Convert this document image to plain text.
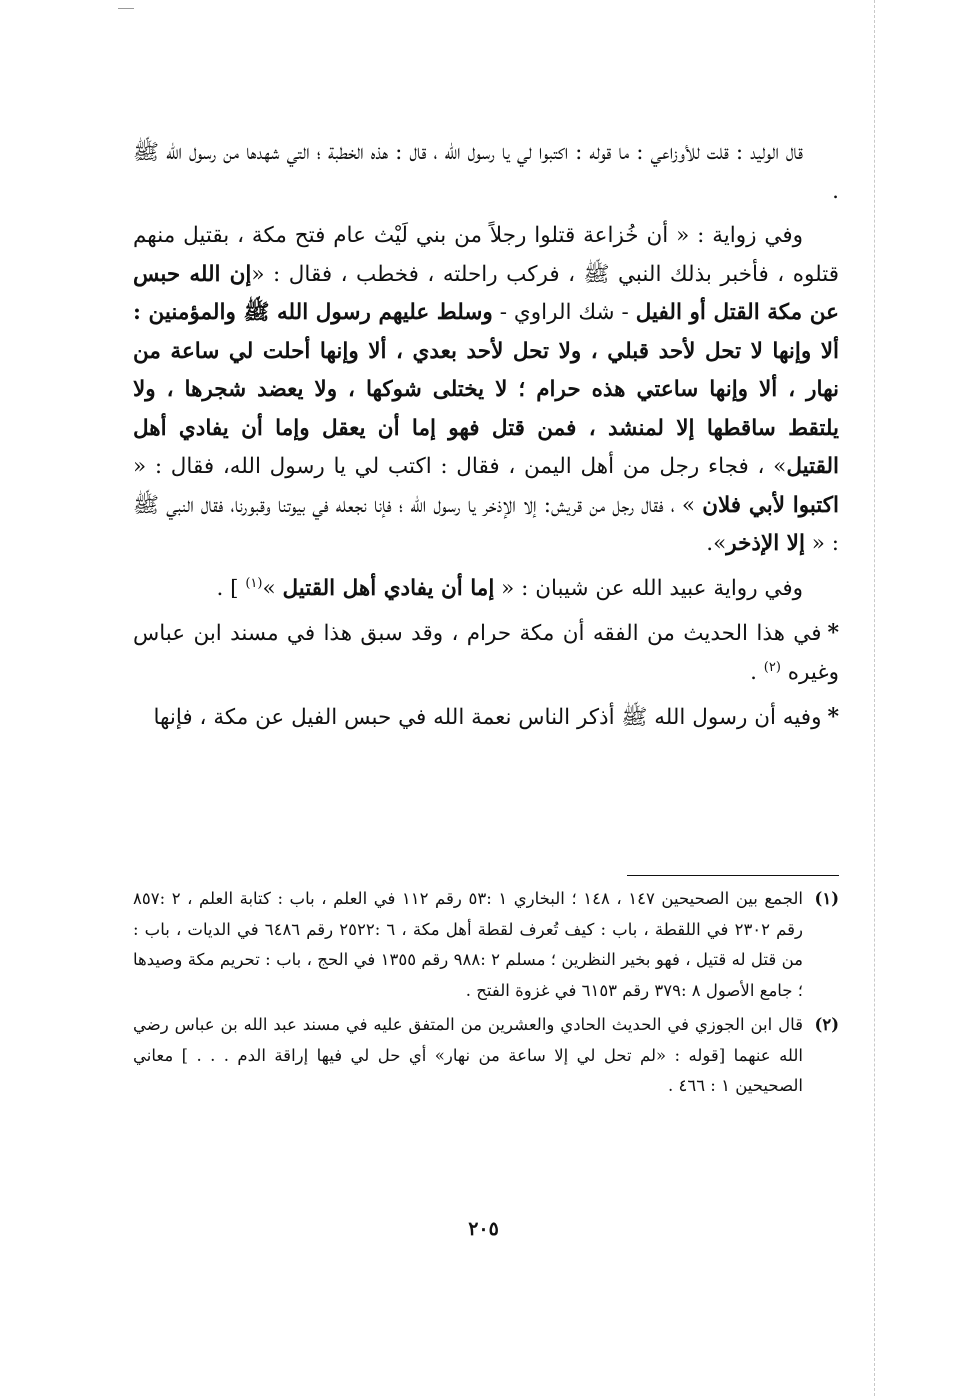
قال الوليد : قلت للأوزاعي : ما قوله : اكتبوا لي يا رسول الله ، قال : هذه الخطبة ؛ التي شهدها من رسول الله ﷺ .

وفي زواية : « أن خُزاعة قتلوا رجلاً من بني لَيْث عام فتح مكة ، بقتيل منهم قتلوه ، فأخبر بذلك النبي ﷺ ، فركب راحلته ، فخطب ، فقال : «إن الله حبس عن مكة القتل أو الفيل - شك الراوي - وسلط عليهم رسول الله ﷺ والمؤمنين : ألا وإنها لا تحل لأحد قبلي ، ولا تحل لأحد بعدي ، ألا وإنها أحلت لي ساعة من نهار ، ألا وإنها ساعتي هذه حرام ؛ لا يختلى شوكها ، ولا يعضد شجرها ، ولا يلتقط ساقطها إلا لمنشد ، فمن قتل فهو إما أن يعقل وإما أن يفادي أهل القتيل» ، فجاء رجل من أهل اليمن ، فقال : اكتب لي يا رسول الله، فقال : « اكتبوا لأبي فلان » ، فقال رجل من قريش: إلا الإذخر يا رسول الله ؛ فإنا نجعله في بيوتنا وقبورنا، فقال النبي ﷺ : « إلا الإذخر».

وفي رواية عبيد الله عن شيبان : « إما أن يفادي أهل القتيل »$^{(١)}$ ] .

*في هذا الحديث من الفقه أن مكة حرام ، وقد سبق هذا في مسند ابن عباس وغيره $^{(٢)}$ .

*وفيه أن رسول الله ﷺ أذكر الناس نعمة الله في حبس الفيل عن مكة ، فإنها

(١)
الجمع بين الصحيحين ١٤٧ ، ١٤٨ ؛ البخاري ١ :٥٣ رقم ١١٢ في العلم ، باب : كتابة العلم ، ٢ :٨٥٧ رقم ٢٣٠٢ في اللقطة ، باب : كيف تُعرف لقطة أهل مكة ، ٦ :٢٥٢٢ رقم ٦٤٨٦ في الديات ، باب : من قتل له قتيل ، فهو بخير النظرين ؛ مسلم ٢ :٩٨٨ رقم ١٣٥٥ في الحج ، باب : تحريم مكة وصيدها ؛ جامع الأصول ٨ :٣٧٩ رقم ٦١٥٣ في غزوة الفتح .
(٢)
قال ابن الجوزي في الحديث الحادي والعشرين من المتفق عليه في مسند عبد الله بن عباس رضي الله عنهما [قوله : «لم تحل لي إلا ساعة من نهار» أي حل لي فيها إراقة الدم . . . ] معاني الصحيحين ١ : ٤٦٦ .
٢٠٥
